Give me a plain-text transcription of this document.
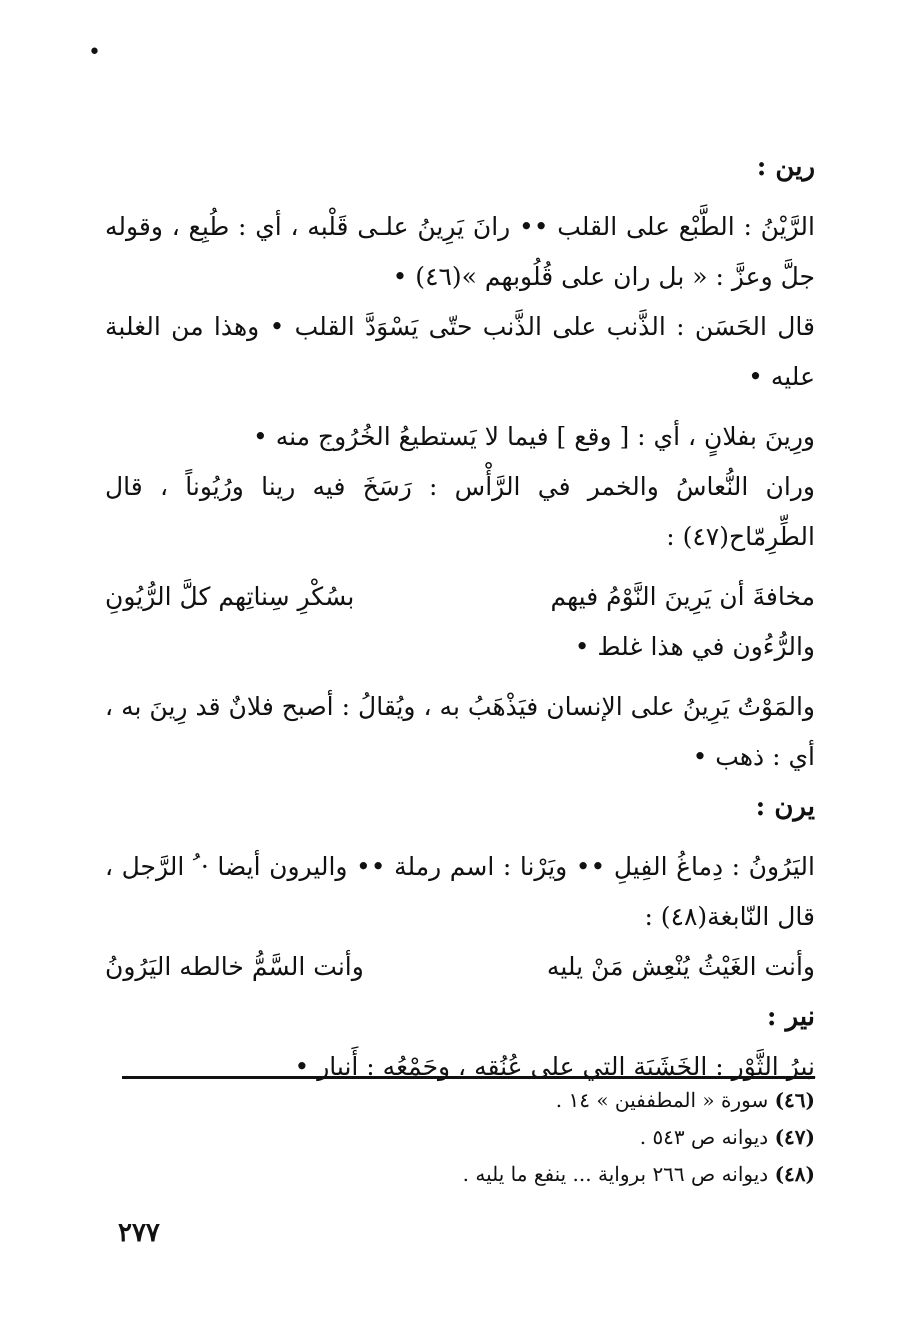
•
رين :
الرَّيْنُ : الطَّبْع على القلب •• رانَ يَرِينُ علـى قَلْبه ، أي : طُبِع ، وقوله جلَّ وعزَّ : « بل ران على قُلُوبهم »(٤٦) •
قال الحَسَن : الذَّنب على الذَّنب حتّى يَسْوَدَّ القلب • وهذا من الغلبة عليه •
ورِينَ بفلانٍ ، أي : [ وقع ] فيما لا يَستطيعُ الخُرُوج منه •
وران النُّعاسُ والخمر في الرَّأْس : رَسَخَ فيه رينا ورُيُوناً ، قال الطِّرِمّاح(٤٧) :
مخافةَ أن يَرِينَ النَّوْمُ فيهم
بسُكْرِ سِناتِهم كلَّ الرُّيُونِ
والرُّءُون في هذا غلط •
والمَوْتُ يَرِينُ على الإنسان فيَذْهَبُ به ، ويُقالُ : أصبح فلانٌ قد رِينَ به ، أي : ذهب •
يرن :
اليَرُونُ : دِماغُ الفِيلِ •• ويَرْنا : اسم رملة •• واليرون أيضا · ُ الرَّجل ، قال النّابغة(٤٨) :
وأنت الغَيْثُ يُنْعِش مَنْ يليه
وأنت السَّمُّ خالطه اليَرُونُ
نير :
نِيرُ الثَّوْر : الخَشَبَة التي على عُنُقه ، وجَمْعُه : أَنيار •
(٤٦) سورة « المطففين » ١٤ .
(٤٧) ديوانه ص ٥٤٣ .
(٤٨) ديوانه ص ٢٦٦ برواية ... ينفع ما يليه .
٢٧٧
